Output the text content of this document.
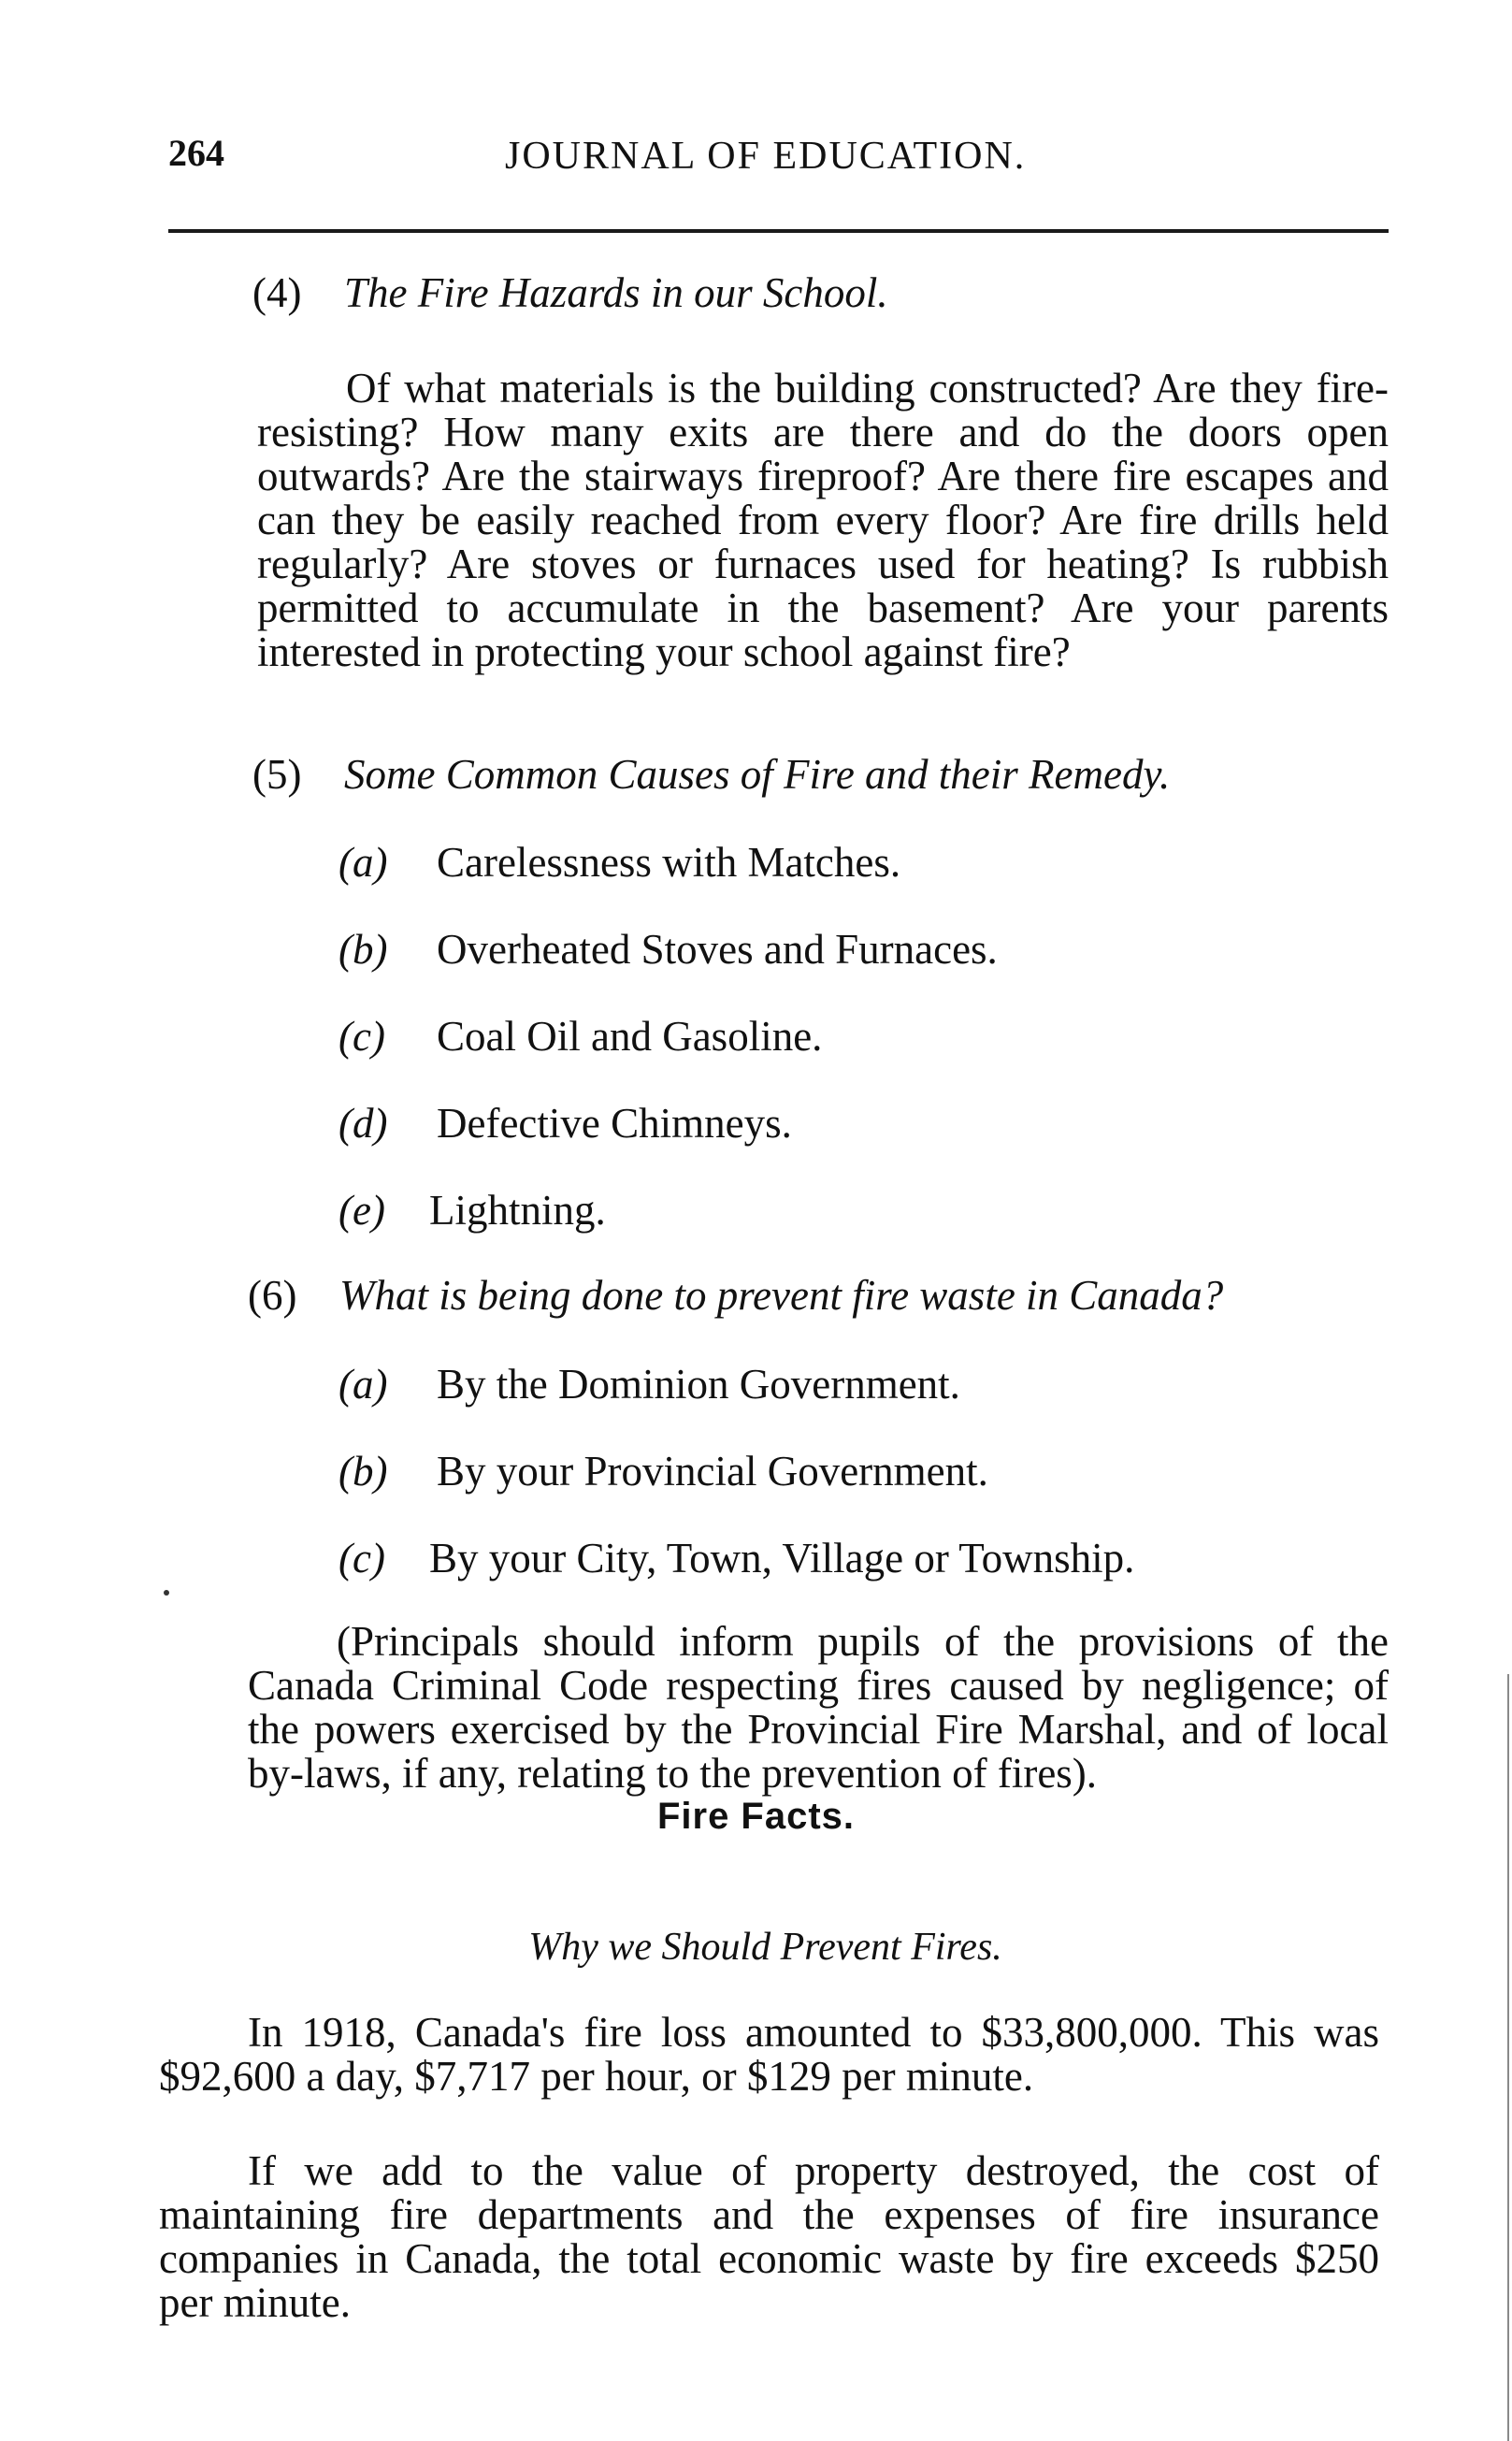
264	JOURNAL OF EDUCATION.
(4) The Fire Hazards in our School.
Of what materials is the building constructed? Are they fire-resisting? How many exits are there and do the doors open outwards? Are the stairways fireproof? Are there fire escapes and can they be easily reached from every floor? Are fire drills held regularly? Are stoves or furnaces used for heating? Is rubbish permitted to accumulate in the basement? Are your parents interested in protecting your school against fire?
(5) Some Common Causes of Fire and their Remedy.
(a) Carelessness with Matches.
(b) Overheated Stoves and Furnaces.
(c) Coal Oil and Gasoline.
(d) Defective Chimneys.
(e) Lightning.
(6) What is being done to prevent fire waste in Canada?
(a) By the Dominion Government.
(b) By your Provincial Government.
(c) By your City, Town, Village or Township.
(Principals should inform pupils of the provisions of the Canada Criminal Code respecting fires caused by negligence; of the powers exercised by the Provincial Fire Marshal, and of local by-laws, if any, relating to the prevention of fires).
Fire Facts.
Why we Should Prevent Fires.
In 1918, Canada's fire loss amounted to $33,800,000. This was $92,600 a day, $7,717 per hour, or $129 per minute.
If we add to the value of property destroyed, the cost of maintaining fire departments and the expenses of fire insurance companies in Canada, the total economic waste by fire exceeds $250 per minute.
